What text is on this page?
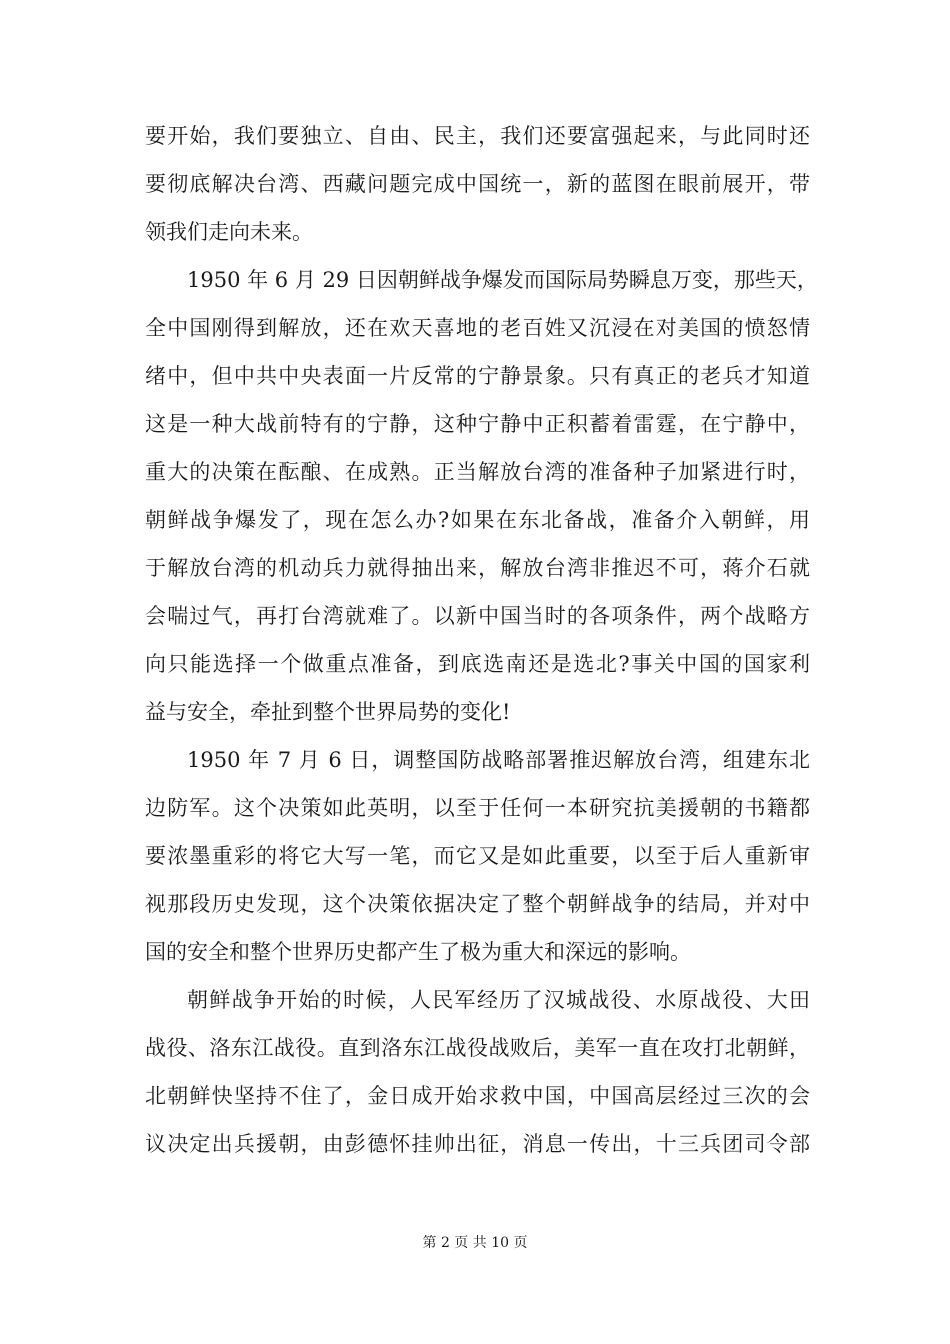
要开始，我们要独立、自由、民主，我们还要富强起来，与此同时还
要彻底解决台湾、西藏问题完成中国统一，新的蓝图在眼前展开，带
领我们走向未来。
1950 年 6 月 29 日因朝鲜战争爆发而国际局势瞬息万变，那些天，
全中国刚得到解放，还在欢天喜地的老百姓又沉浸在对美国的愤怒情
绪中，但中共中央表面一片反常的宁静景象。只有真正的老兵才知道
这是一种大战前特有的宁静，这种宁静中正积蓄着雷霆，在宁静中，
重大的决策在酝酿、在成熟。正当解放台湾的准备种子加紧进行时，
朝鲜战争爆发了，现在怎么办?如果在东北备战，准备介入朝鲜，用
于解放台湾的机动兵力就得抽出来，解放台湾非推迟不可，蒋介石就
会喘过气，再打台湾就难了。以新中国当时的各项条件，两个战略方
向只能选择一个做重点准备，到底选南还是选北?事关中国的国家利
益与安全，牵扯到整个世界局势的变化!
1950 年 7 月 6 日，调整国防战略部署推迟解放台湾，组建东北
边防军。这个决策如此英明，以至于任何一本研究抗美援朝的书籍都
要浓墨重彩的将它大写一笔，而它又是如此重要，以至于后人重新审
视那段历史发现，这个决策依据决定了整个朝鲜战争的结局，并对中
国的安全和整个世界历史都产生了极为重大和深远的影响。
朝鲜战争开始的时候，人民军经历了汉城战役、水原战役、大田
战役、洛东江战役。直到洛东江战役战败后，美军一直在攻打北朝鲜，
北朝鲜快坚持不住了，金日成开始求救中国，中国高层经过三次的会
议决定出兵援朝，由彭德怀挂帅出征，消息一传出，十三兵团司令部
第 2 页 共 10 页
